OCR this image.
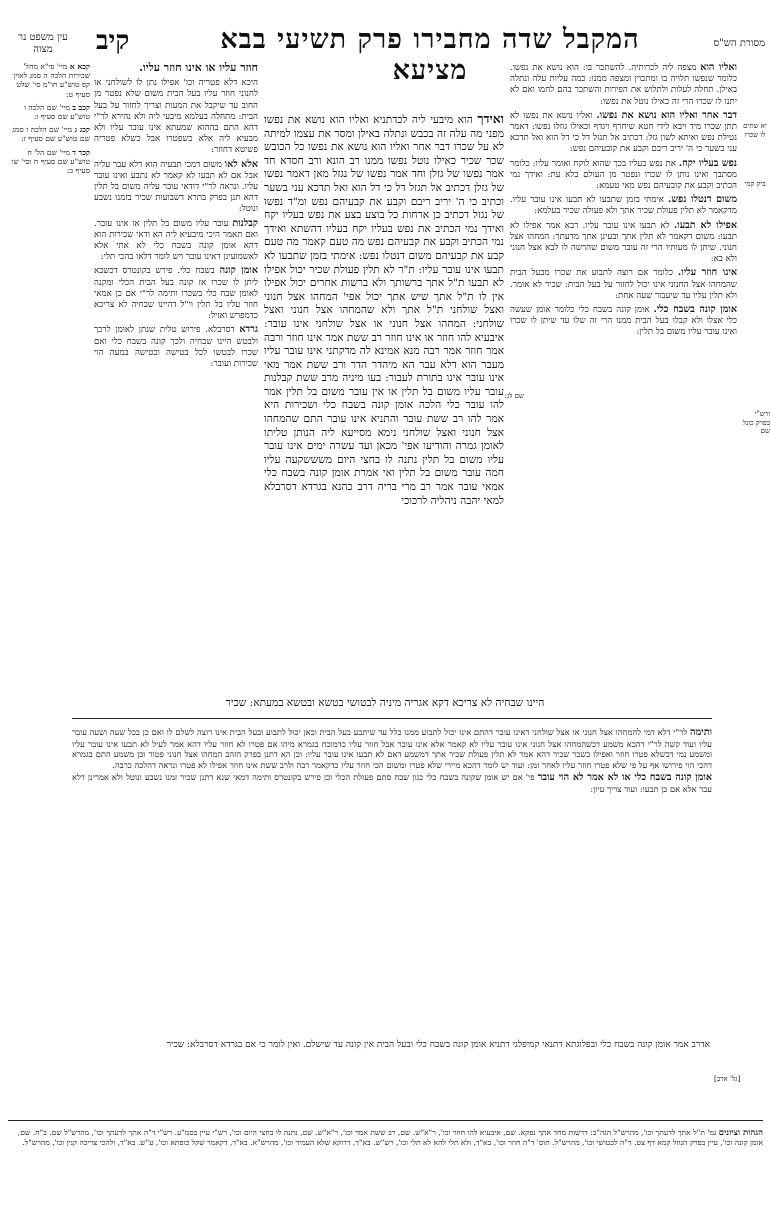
עין משפט נר מצוה	קיב	המקבל שדה מחבירו פרק תשיעי בבא מציעא
מסורת הש"ס
קכא א מיי' פי"א מהל' שכירות הלכה ה סמג לאוין קפ טוש"ע חו"מ סי' שלט סעיף ט:
קכב ב מיי' שם הלכה ו טוש"ע שם סעיף ו:
קכג ג מיי' שם הלכה ז סמג שם טוש"ע שם סעיף ז:
קכד ד מיי' שם הל' ח טוש"ע שם סעיף ח וסי' שו סעיף ב:

חוזר עליו או אינו חוזר עליו.

היכא דלא פטריה וכו' אפילו נתן לו לשולחני או לחנוני חוזר עליו בעל הבית משום שלא נפטר מן החוב עד שיקבל את המעות וצריך לחזור על בעל הבית: מתחלה בעלמא מיבעי ליה ולא נהירא לר"י דהא התם בההוא שמעתא אינו עובר עליו ולא מבעיא ליה אלא כשפטרו אבל כשלא פטריה פשיטא דחוזר:

אלא לאו משום דמכי תבעיה הוא דלא עבר עליה אבל אם לא תבעו לא קאמר לא נתבע ואינו עובר עליו. ונראה לר"י דודאי עובר עליה משום בל תלין דהא תנן בפרק בתרא דשבועות שכיר בזמנו נשבע ונוטל:

קבלנות עובר עליו משום בל תלין או אינו עובר. ואם תאמר היכי מיבעיא ליה הא ודאי שכירות הוא דהא אומן קונה בשבח כלי לא אתי אלא לאשמועינן דאינו עובר ויש לומר דלאו בהכי תלי:

אומן קונה בשבח כלי. פירש בקונטרס דכשבא ליתן לו שכרו אז קונה בעל הבית הכלי ומקנה לאומן שבח כלי בשכרו ותימה לר"י אם כן אמאי חוזר עליו בל תלין וי"ל דהיינו שבחיה לא צריכא כדמפרש ואזיל:

גרדא דסרבלא. פירוש טלית שנתן לאומן לרכך ולבטש היינו שבחיה ולכך קונה בשבח כלי ואם שכרו לבטשו לכל בטישה ובטישה במעה הוי שכירות ועובר:

ואידך הוא מיבעי ליה לכדתניא ואליו הוא נושא את נפשו מפני מה עלה זה בכבש ונתלה באילן ומסר את עצמו למיתה לא על שכרו דבר אחר ואליו הוא נושא את נפשו כל הכובש שכר שכיר כאילו נוטל נפשו ממנו רב הונא ורב חסדא חד אמר נפשו של גזלן וחד אמר נפשו של נגזל מאן דאמר נפשו של גזלן דכתיב אל תגזל דל כי דל הוא ואל תדכא עני בשער וכתיב כי ה' יריב ריבם וקבע את קבעיהם נפש ומ"ד נפשו של נגזל דכתיב כן ארחות כל בוצע בצע את נפש בעליו יקח ואידך נמי הכתיב את נפש בעליו יקח בעליו דהשתא ואידך נמי הכתיב וקבע את קבעיהם נפש מה טעם קאמר מה טעם קבע את קבעיהם משום דנטלו נפש: אימתי בזמן שתבעו לא תבעו אינו עובר עליו: ת"ר לא תלין פעולת שכיר יכול אפילו לא תבעו ת"ל אתך ברשותך ולא ברשות אחרים יכול אפילו אין לו ת"ל אתך שיש אתך יכול אפי' המחהו אצל חנוני ואצל שולחני ת"ל אתך ולא שהמחהו אצל חנוני ואצל שולחני: המחהו אצל חנוני או אצל שולחני אינו עובר: איבעיא להו חוזר או אינו חוזר רב ששת אמר אינו חוזר ורבה אמר חוזר אמר רבה מנא אמינא לה מדקתני אינו עובר עליו מעבר הוא דלא עבר הא מיהדר הדר ורב ששת אמר מאי אינו עובר אינו בתורת לעבור: בעו מיניה מרב ששת קבלנות עובר עליו משום בל תלין או אין עובר משום בל תלין אמר להו עובר כלי הלכה אומן קונה בשבח כלי ושכירות היא אמר להו רב ששת עובר והתניא אינו עובר התם שהמחהו אצל חנוני ואצל שולחני נימא מסייעא ליה הנותן טליתו לאומן גמרה והודיעו אפי' מכאן ועד עשרה ימים אינו עובר עליו משום בל תלין נתנה לו בחצי היום משששקעה עליו חמה עובר משום בל תלין ואי אמרת אומן קונה בשבח כלי אמאי עובר אמר רב מרי בריה דרב כהנא בגרדא דסרבלא למאי יהבה ניהליה לרכוכי

היינו שבחיה לא צריכא דקא אגריה מיניה לבטושי בטשא ובטשא במעתא: שכיר

ואליו הוא מצפה ליה לכרותיה. להשתכר בו: הוא נושא את נפשו. כלומר שנפשו תלויה בו ומתכוין ומצפה ממנו: כמה עליות עלה ונתלה באילן. תחלה לעלות ולתלוש את הפירות והשתכר בהם לחמו ואם לא יתנו לו שכרו הרי זה כאילו נוטל את נפשו:

דבר אחר ואליו הוא נושא את נפשו. ואליו נושא את נפשו לא תתן שכרו מיד ויבא לידי חטא שיחרף ויגדף וכאילו גוזלו נפשו: דאמר נטילת נפש ואיתא לשון גזל: דכתיב אל תגזל דל כי דל הוא ואל תדכא עני בשער כי ה' יריב ריבם וקבע את קובעיהם נפש:

נפש בעליו יקח. את נפש בעליו בכך שהוא לוקח ואומר עליו: כלומר מסתבך ואינו נותן לו שכרו ונפטר מן העולם בלא עת: ואידך נמי הכתיב וקבע את קובעיהם נפש מאי טעמא:

משום דנטלו נפש. אימתי בזמן שתבעו לא תבעו אינו עובר עליו. מדקאמר לא תלין פעולת שכיר אתך ולא פעולה שכיר בעלמא:

אפילו לא תבעו. לא תבעו אינו עובר עליו. רבא אמר אפילו לא תבעו: משום דקאמר לא תלין אתך ובעינן אתך מדעתך: המחהו אצל חנוני. שיתן לו מעותיו הרי זה עובר משום שהרשה לו לבא אצל חנוני ולא בא:

אינו חוזר עליו. כלומר אם רוצה לתבוע את שכרו מבעל הבית שהמחהו אצל החנוני אינו יכול לחזור על בעל הבית: שכיר לא אומר. ולא תלין עליו עד שיעבור שעה אחת:

אומן קונה בשבח כלי. אומן קונה בשבח כלי כלומר אומן שעשה כלי אצלו ולא קבלו בעל הבית ממנו הרי זה שלו עד שיתן לו שכרו ואינו עובר עליו משום בל תלין:

יא שתים לו שכרו
ביק קמי
שם לג:
ורש"י בפרק כונל שם

ותימה לר"י דלא דמי להמחהו אצל חנוני או אצל שולחני דאינו עובר דהתם אינו יכול לתבוע ממנו כלל עד שיתבע בעל הבית וכאן יכול לתבוע ובעל הבית אינו רוצה לשלם לו ואם כן בכל שעה ושעה עובר עליו ועוד קשה לר"י דהכא משמע דכשהמחהו אצל חנוני אינו עובר עליו לא קאמר אלא אינו עובר אבל חוזר עליו כדמוכח בגמרא מיהו אם פטרו לא חוזר עליו דהא אמר לעיל לא תבעו אינו עובר עליו ומשמע נמי דכשלא פטרו חוזר ואפילו בשכר שכיר דהא אמר לא תלין פעולת שכיר אתך דמשמע דאם לא תבעו אינו עובר עליו: וכן הא דתנן בפרק הזהב המחהו אצל חנוני פטור וכן משמע התם בגמרא דהכי הוי פירושו אף על פי שלא פטרו חוזר עליו לאחר זמן: ועוד יש לומר דהכא מיירי שלא פטרו ומשום הכי חוזר עליו כדקאמר רבה ולרב ששת אינו חוזר אפילו לא פטרו ונראה דהלכה כרבה.

אומן קונה בשבח כלי או לא אמר לא הוי עובר פי' אם יש אומן שקונה בשבח כלי כגון שבח סתם פעולת הכלי וכן פירש בקונטרס ותימה דמאי שנא דתנן שכיר זמנו נשבע ונוטל ולא אמרינן דלא עבר אלא אם כן תבעו: ועוד צריך עיון:

אדרב אמר אומן קונה בשבח כלי ובפלוגתא דתנאי קמיפלגי דתניא אומן קונה בשבח כלי ובעל הבית אין קונה עד שישלם. ואין לומר כי אם בגרדא דסרבלא: שכיר
[גל' ארב]
הגהות וציונים גמ' ת"ל אתך לדעתך וכו', מהרש"ל הגה"ב: דרשות מחד אתך נפקא. שם, איבעיא להו חוזר וכו', ר"א"ש. שם, רב ששת אמר וכו', ר"א"ש. שם, נתנה לו בחצי היום וכו', רש"י עיין בסמ"ע. רש"י ד"ה אתך לדעתך וכו', מהרש"ל שם. ב"ח. שם, אומן קונה וכו', עיין בפרק הגוזל קמא דף צט. ד"ה לבטושי וכו', מהרש"ל. תוס' ד"ה חוזר וכו', בא"ד, ולא תלי להא לא תלי וכו', רש"ש. בא"ד, דדוקא שלא העמיד וכו', מהרש"א. בא"ד, דקאמר שקל כופתא וכו', ע"ש. בא"ד, ולהכי צריכה קנין וכו', מהרש"ל.
